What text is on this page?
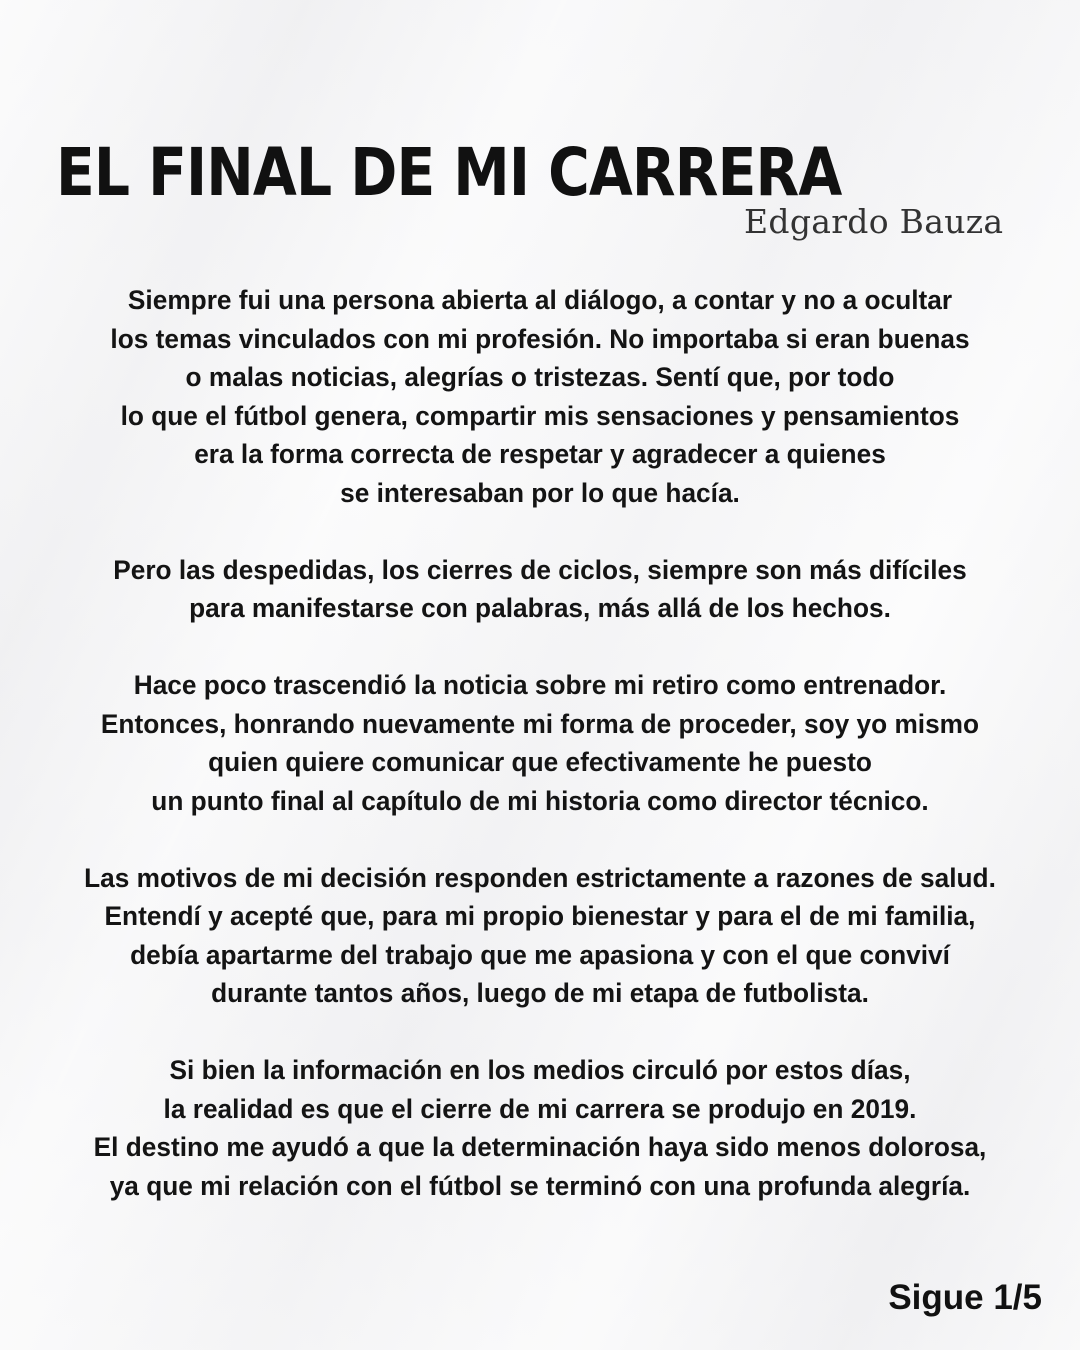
EL FINAL DE MI CARRERA
Edgardo Bauza

Siempre fui una persona abierta al diálogo, a contar y no a ocultar
los temas vinculados con mi profesión. No importaba si eran buenas
o malas noticias, alegrías o tristezas. Sentí que, por todo
lo que el fútbol genera, compartir mis sensaciones y pensamientos
era la forma correcta de respetar y agradecer a quienes
se interesaban por lo que hacía.

Pero las despedidas, los cierres de ciclos, siempre son más difíciles
para manifestarse con palabras, más allá de los hechos.

Hace poco trascendió la noticia sobre mi retiro como entrenador.
Entonces, honrando nuevamente mi forma de proceder, soy yo mismo
quien quiere comunicar que efectivamente he puesto
un punto final al capítulo de mi historia como director técnico.

Las motivos de mi decisión responden estrictamente a razones de salud.
Entendí y acepté que, para mi propio bienestar y para el de mi familia,
debía apartarme del trabajo que me apasiona y con el que conviví
durante tantos años, luego de mi etapa de futbolista.

Si bien la información en los medios circuló por estos días,
la realidad es que el cierre de mi carrera se produjo en 2019.
El destino me ayudó a que la determinación haya sido menos dolorosa,
ya que mi relación con el fútbol se terminó con una profunda alegría.

Sigue 1/5
